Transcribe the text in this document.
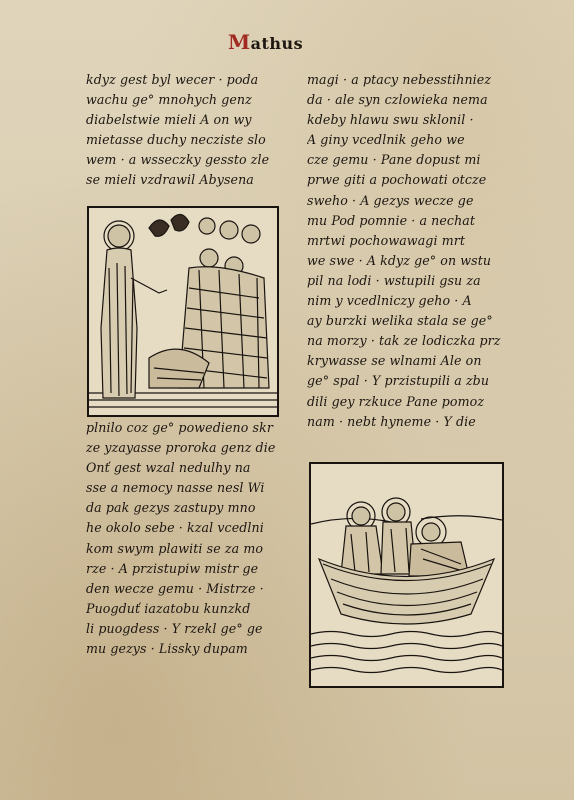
Mathus
kdyz gest byl wecer · poda
wachu ge° mnohych genz
diabelstwie mieli A on wy
mietasse duchy necziste slo
wem · a wsseczky gessto zle
se mieli vzdrawil Abysena
plnilo coz ge° powedieno skr
ze yzayasse proroka genz die
Onť gest wzal nedulhy na
sse a nemocy nasse nesl Wi
da pak gezys zastupy mno
he okolo sebe · kzal vcedlni
kom swym plawiti se za mo
rze · A przistupiw mistr ge
den wecze gemu · Mistrze ·
Puogduť iazatobu kunzkd
li puogdess · Y rzekl ge° ge
mu gezys · Lissky dupam
magi · a ptacy nebesstihniez
da · ale syn czlowieka nema
kdeby hlawu swu sklonil ·
A giny vcedlnik geho we
cze gemu · Pane dopust mi
prwe giti a pochowati otcze
sweho · A gezys wecze ge
mu Pod pomnie · a nechat
mrtwi pochowawagi mrt
we swe · A kdyz ge° on wstu
pil na lodi · wstupili gsu za
nim y vcedlniczy geho · A
ay burzki welika stala se ge°
na morzy · tak ze lodiczka prz
krywasse se wlnami Ale on
ge° spal · Y przistupili a zbu
dili gey rzkuce Pane pomoz
nam · nebt hyneme · Y die
